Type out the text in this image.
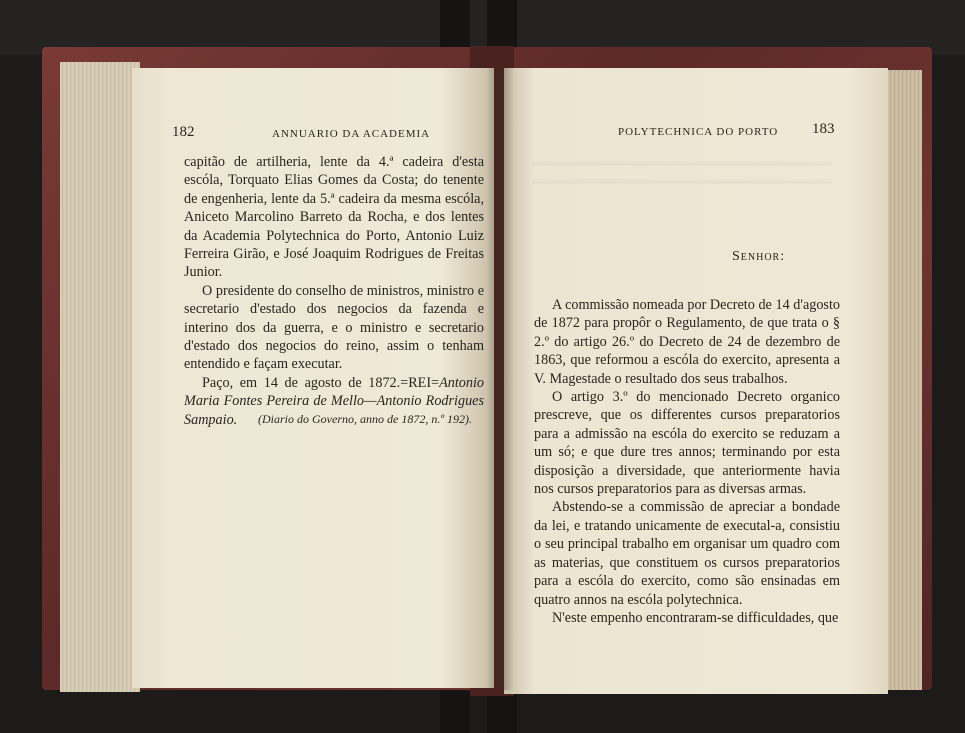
182	ANNUARIO DA ACADEMIA

capitão de artilheria, lente da 4.ª cadeira d'esta escóla, Torquato Elias Gomes da Costa; do tenente de engenheria, lente da 5.ª cadeira da mesma escóla, Aniceto Marcolino Barreto da Rocha, e dos lentes da Academia Polytechnica do Porto, Antonio Luiz Ferreira Girão, e José Joaquim Rodrigues de Freitas Junior.

O presidente do conselho de ministros, ministro e secretario d'estado dos negocios da fazenda e interino dos da guerra, e o ministro e secretario d'estado dos negocios do reino, assim o tenham entendido e façam executar.

Paço, em 14 de agosto de 1872.=REI=Antonio Maria Fontes Pereira de Mello—Antonio Rodrigues Sampaio.	(Diario do Governo, anno de 1872, n.º 192).
POLYTECHNICA DO PORTO 183
Senhor:

A commissão nomeada por Decreto de 14 d'agosto de 1872 para propôr o Regulamento, de que trata o § 2.º do artigo 26.º do Decreto de 24 de dezembro de 1863, que reformou a escóla do exercito, apresenta a V. Magestade o resultado dos seus trabalhos.

O artigo 3.º do mencionado Decreto organico prescreve, que os differentes cursos preparatorios para a admissão na escóla do exercito se reduzam a um só; e que dure tres annos; terminando por esta disposição a diversidade, que anteriormente havia nos cursos preparatorios para as diversas armas.

Abstendo-se a commissão de apreciar a bondade da lei, e tratando unicamente de executal-a, consistiu o seu principal trabalho em organisar um quadro com as materias, que constituem os cursos preparatorios para a escóla do exercito, como são ensinadas em quatro annos na escóla polytechnica.

N'este empenho encontraram-se difficuldades, que
